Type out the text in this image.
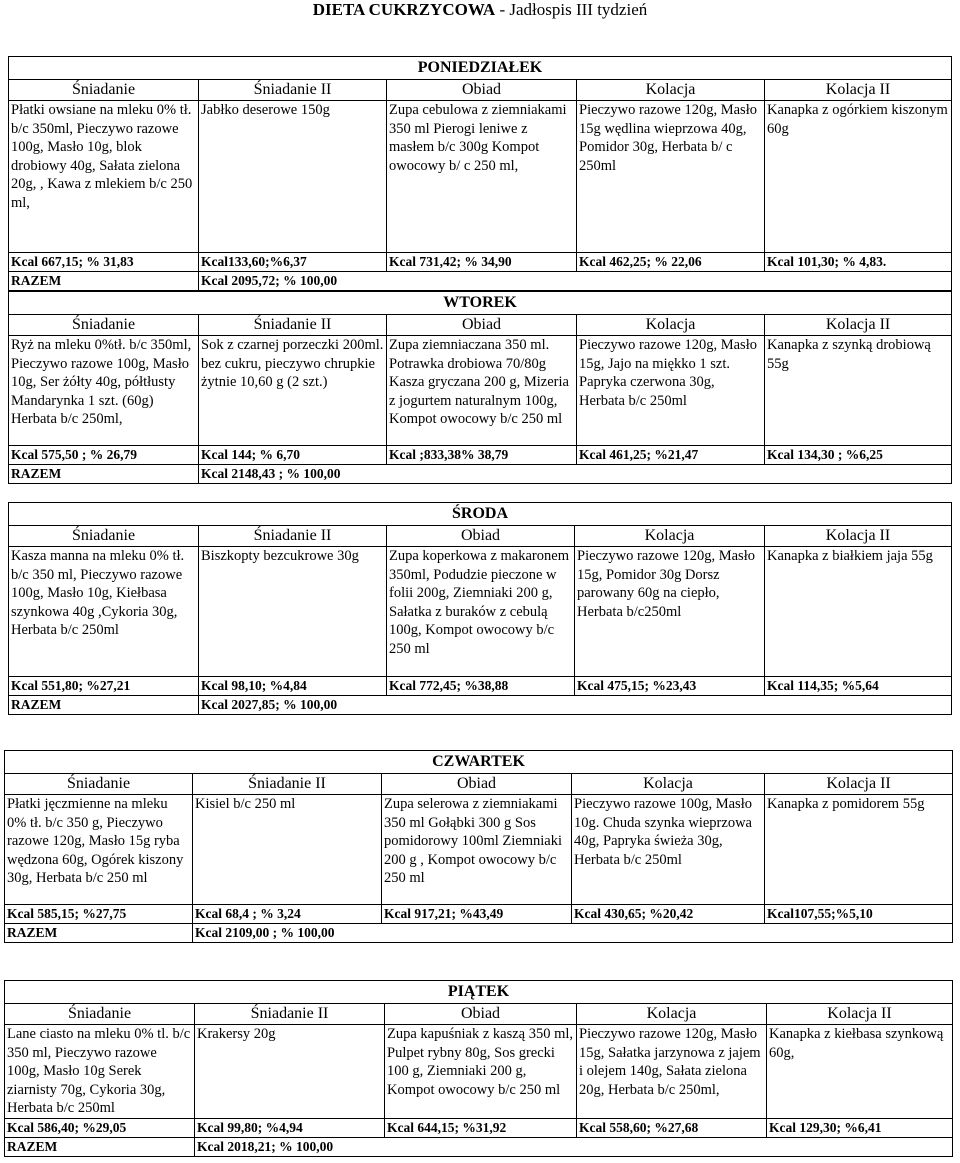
DIETA CUKRZYCOWA - Jadłospis III tydzień
PONIEDZIAŁEK				
Śniadanie	Śniadanie II	Obiad	Kolacja	Kolacja II
Płatki owsiane na mleku 0% tł. b/c 350ml, Pieczywo razowe 100g, Masło 10g, blok drobiowy 40g, Sałata zielona 20g, , Kawa z mlekiem b/c 250 ml,	Jabłko deserowe 150g	Zupa cebulowa z ziemniakami 350 ml Pierogi leniwe z masłem b/c 300g Kompot owocowy b/ c 250 ml,	Pieczywo razowe 120g, Masło 15g wędlina wieprzowa 40g, Pomidor 30g, Herbata b/ c 250ml	Kanapka z ogórkiem kiszonym 60g
Kcal 667,15; % 31,83	Kcal133,60;%6,37	Kcal 731,42; % 34,90	Kcal 462,25; % 22,06	Kcal 101,30; % 4,83.
RAZEM	Kcal 2095,72; % 100,00			
WTOREK				
Śniadanie	Śniadanie II	Obiad	Kolacja	Kolacja II
Ryż na mleku 0%tł. b/c 350ml, Pieczywo razowe 100g, Masło 10g, Ser żółty 40g, półtłusty Mandarynka 1 szt. (60g) Herbata b/c 250ml,	Sok z czarnej porzeczki 200ml. bez cukru, pieczywo chrupkie żytnie 10,60 g (2 szt.)	Zupa ziemniaczana 350 ml. Potrawka drobiowa 70/80g Kasza gryczana 200 g, Mizeria z jogurtem naturalnym 100g, Kompot owocowy b/c 250 ml	Pieczywo razowe 120g, Masło 15g, Jajo na miękko 1 szt. Papryka czerwona 30g, Herbata b/c 250ml	Kanapka z szynką drobiową 55g
Kcal 575,50 ; % 26,79	Kcal 144; % 6,70	Kcal ;833,38% 38,79	Kcal 461,25; %21,47	Kcal 134,30 ; %6,25
RAZEM	Kcal 2148,43 ; % 100,00			
ŚRODA				
Śniadanie	Śniadanie II	Obiad	Kolacja	Kolacja II
Kasza manna na mleku 0% tł. b/c 350 ml, Pieczywo razowe 100g, Masło 10g, Kiełbasa szynkowa 40g ,Cykoria 30g, Herbata b/c 250ml	Biszkopty bezcukrowe 30g	Zupa koperkowa z makaronem 350ml, Podudzie pieczone w folii 200g, Ziemniaki 200 g, Sałatka z buraków z cebulą 100g, Kompot owocowy b/c 250 ml	Pieczywo razowe 120g, Masło 15g, Pomidor 30g Dorsz parowany 60g na ciepło, Herbata b/c250ml	Kanapka z białkiem jaja 55g
Kcal 551,80; %27,21	Kcal 98,10; %4,84	Kcal 772,45; %38,88	Kcal 475,15; %23,43	Kcal 114,35; %5,64
RAZEM	Kcal 2027,85; % 100,00			
CZWARTEK				
Śniadanie	Śniadanie II	Obiad	Kolacja	Kolacja II
Płatki jęczmienne na mleku 0% tł. b/c 350 g, Pieczywo razowe 120g, Masło 15g ryba wędzona 60g, Ogórek kiszony 30g, Herbata b/c 250 ml	Kisiel b/c 250 ml	Zupa selerowa z ziemniakami 350 ml Gołąbki 300 g Sos pomidorowy 100ml Ziemniaki 200 g , Kompot owocowy b/c 250 ml	Pieczywo razowe 100g, Masło 10g. Chuda szynka wieprzowa 40g, Papryka świeża 30g, Herbata b/c 250ml	Kanapka z pomidorem 55g
Kcal 585,15; %27,75	Kcal 68,4 ; % 3,24	Kcal 917,21; %43,49	Kcal 430,65; %20,42	Kcal107,55;%5,10
RAZEM	Kcal 2109,00 ; % 100,00			
PIĄTEK				
Śniadanie	Śniadanie II	Obiad	Kolacja	Kolacja II
Lane ciasto na mleku 0% tl. b/c 350 ml, Pieczywo razowe 100g, Masło 10g Serek ziarnisty 70g, Cykoria 30g, Herbata b/c 250ml	Krakersy 20g	Zupa kapuśniak z kaszą 350 ml, Pulpet rybny 80g, Sos grecki 100 g, Ziemniaki 200 g, Kompot owocowy b/c 250 ml	Pieczywo razowe 120g, Masło 15g, Sałatka jarzynowa z jajem i olejem 140g, Sałata zielona 20g, Herbata b/c 250ml,	Kanapka z kiełbasa szynkową 60g,
Kcal 586,40; %29,05	Kcal 99,80; %4,94	Kcal 644,15; %31,92	Kcal 558,60; %27,68	Kcal 129,30; %6,41
RAZEM	Kcal 2018,21; % 100,00			
